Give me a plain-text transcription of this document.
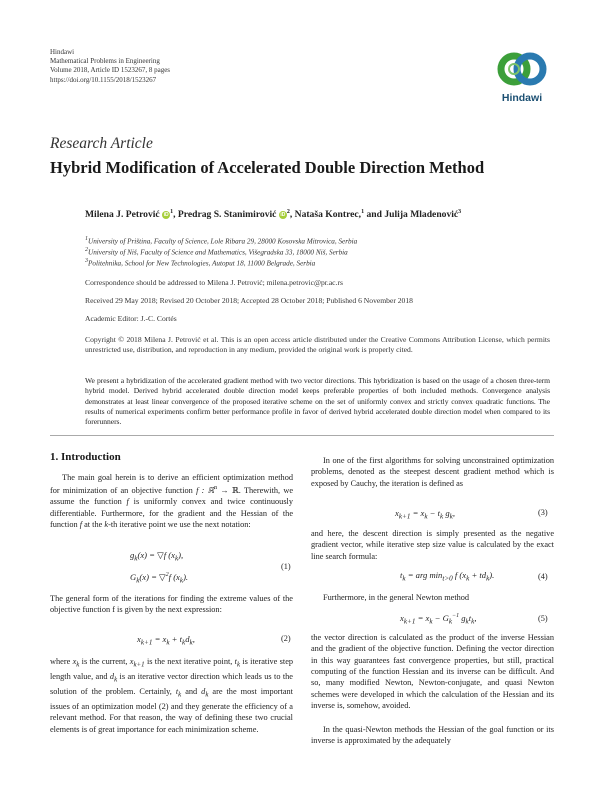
Hindawi
Mathematical Problems in Engineering
Volume 2018, Article ID 1523267, 8 pages
https://doi.org/10.1155/2018/1523267
Hindawi
Research Article
Hybrid Modification of Accelerated Double Direction Method
Milena J. Petrović $iD^1$, Predrag S. Stanimirović $iD^2$, Nataša Kontrec,$^1$ and Julija Mladenović$^3$
$^1$University of Priština, Faculty of Science, Lole Ribara 29, 28000 Kosovska Mitrovica, Serbia
$^2$University of Niš, Faculty of Science and Mathematics, Višegradska 33, 18000 Niš, Serbia
$^3$Politehnika, School for New Technologies, Autoput 18, 11000 Belgrade, Serbia
Correspondence should be addressed to Milena J. Petrović; milena.petrovic@pr.ac.rs
Received 29 May 2018; Revised 20 October 2018; Accepted 28 October 2018; Published 6 November 2018
Academic Editor: J.-C. Cortés
Copyright © 2018 Milena J. Petrović et al. This is an open access article distributed under the Creative Commons Attribution License, which permits unrestricted use, distribution, and reproduction in any medium, provided the original work is properly cited.
We present a hybridization of the accelerated gradient method with two vector directions. This hybridization is based on the usage of a chosen three-term hybrid model. Derived hybrid accelerated double direction model keeps preferable properties of both included methods. Convergence analysis demonstrates at least linear convergence of the proposed iterative scheme on the set of uniformly convex and strictly convex quadratic functions. The results of numerical experiments confirm better performance profile in favor of derived hybrid accelerated double direction model when compared to its forerunners.
1. Introduction
The main goal herein is to derive an efficient optimization method for minimization of an objective function f : ℝ$^n$ → ℝ. Therewith, we assume the function f is uniformly convex and twice continuously differentiable. Furthermore, for the gradient and the Hessian of the function f at the k-th iterative point we use the next notation:
$g_k(x)$ = ▽f $(x_k)$,
$G_k(x)$ = ▽$^2$f $(x_k)$.
(1)
The general form of the iterations for finding the extreme values of the objective function f is given by the next expression:
$x_{k+1} = x_k + t_kd_k$,	(2)
where $x_k$ is the current, $x_{k+1}$ is the next iterative point, $t_k$ is iterative step length value, and $d_k$ is an iterative vector direction which leads us to the solution of the problem. Certainly, $t_k$ and $d_k$ are the most important issues of an optimization model (2) and they generate the efficiency of a relevant method. For that reason, the way of defining these two crucial elements is of great importance for each minimization scheme.
In one of the first algorithms for solving unconstrained optimization problems, denoted as the steepest descent gradient method which is exposed by Cauchy, the iteration is defined as
$x_{k+1} = x_k - t_k$ $g_k$,	(3)
and here, the descent direction is simply presented as the negative gradient vector, while iterative step size value is calculated by the exact line search formula:
$t_k$ = arg $\min_{t>0} f$ $(x_k + td_k)$.	(4)
Furthermore, in the general Newton method
$x_{k+1} = x_k - G_k^{-1}$ $g_kt_k$,	(5)
the vector direction is calculated as the product of the inverse Hessian and the gradient of the objective function. Defining the vector direction in this way guarantees fast convergence properties, but still, practical computing of the function Hessian and its inverse can be difficult. And so, many modified Newton, Newton-conjugate, and quasi Newton schemes were developed in which the calculation of the Hessian and its inverse is, somehow, avoided.
In the quasi-Newton methods the Hessian of the goal function or its inverse is approximated by the adequately
